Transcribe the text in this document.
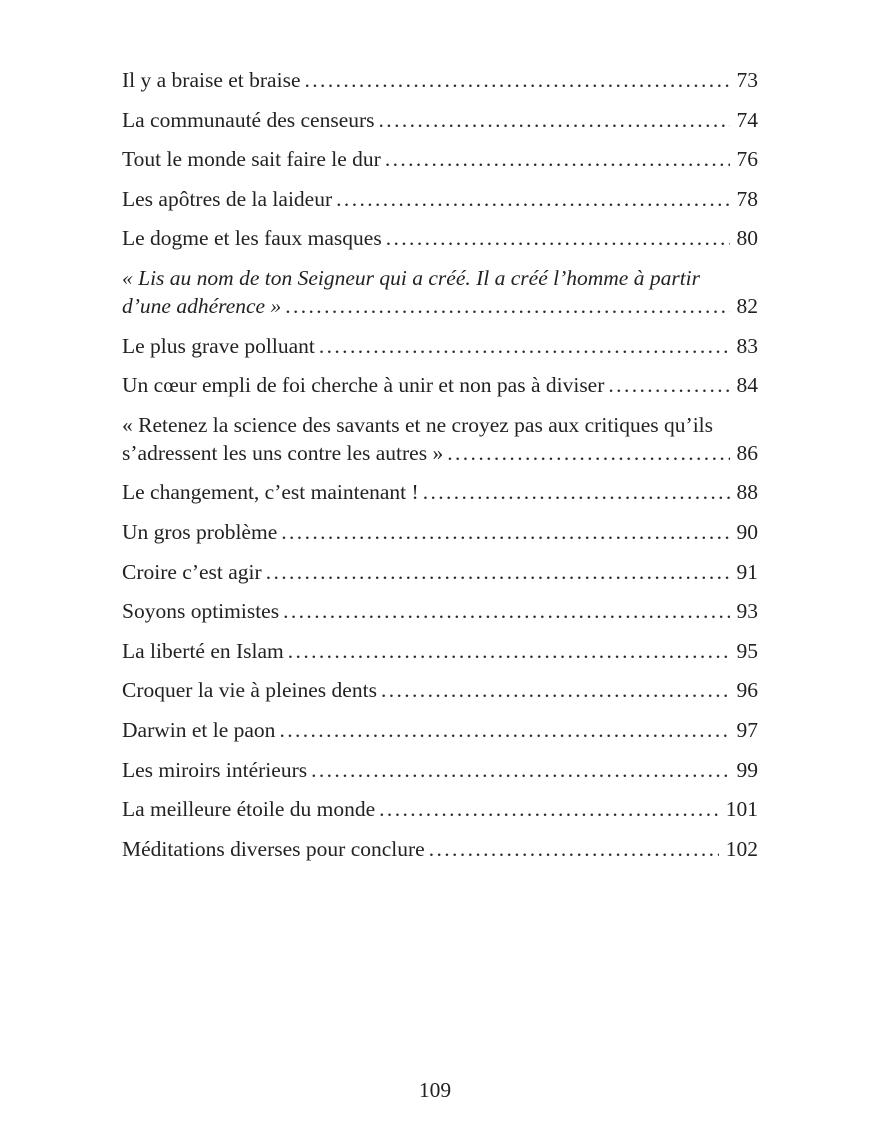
Il y a braise et braise .....	73
La communauté des censeurs .....	74
Tout le monde sait faire le dur .....	76
Les apôtres de la laideur .....	78
Le dogme et les faux masques .....	80
« Lis au nom de ton Seigneur qui a créé. Il a créé l’homme à partir
d’une adhérence » .....	82
Le plus grave polluant .....	83
Un cœur empli de foi cherche à unir et non pas à diviser .....	84
« Retenez la science des savants et ne croyez pas aux critiques qu’ils
s’adressent les uns contre les autres » .....	86
Le changement, c’est maintenant ! .....	88
Un gros problème .....	90
Croire c’est agir .....	91
Soyons optimistes .....	93
La liberté en Islam .....	95
Croquer la vie à pleines dents .....	96
Darwin et le paon .....	97
Les miroirs intérieurs .....	99
La meilleure étoile du monde .....	101
Méditations diverses pour conclure .....	102
109
